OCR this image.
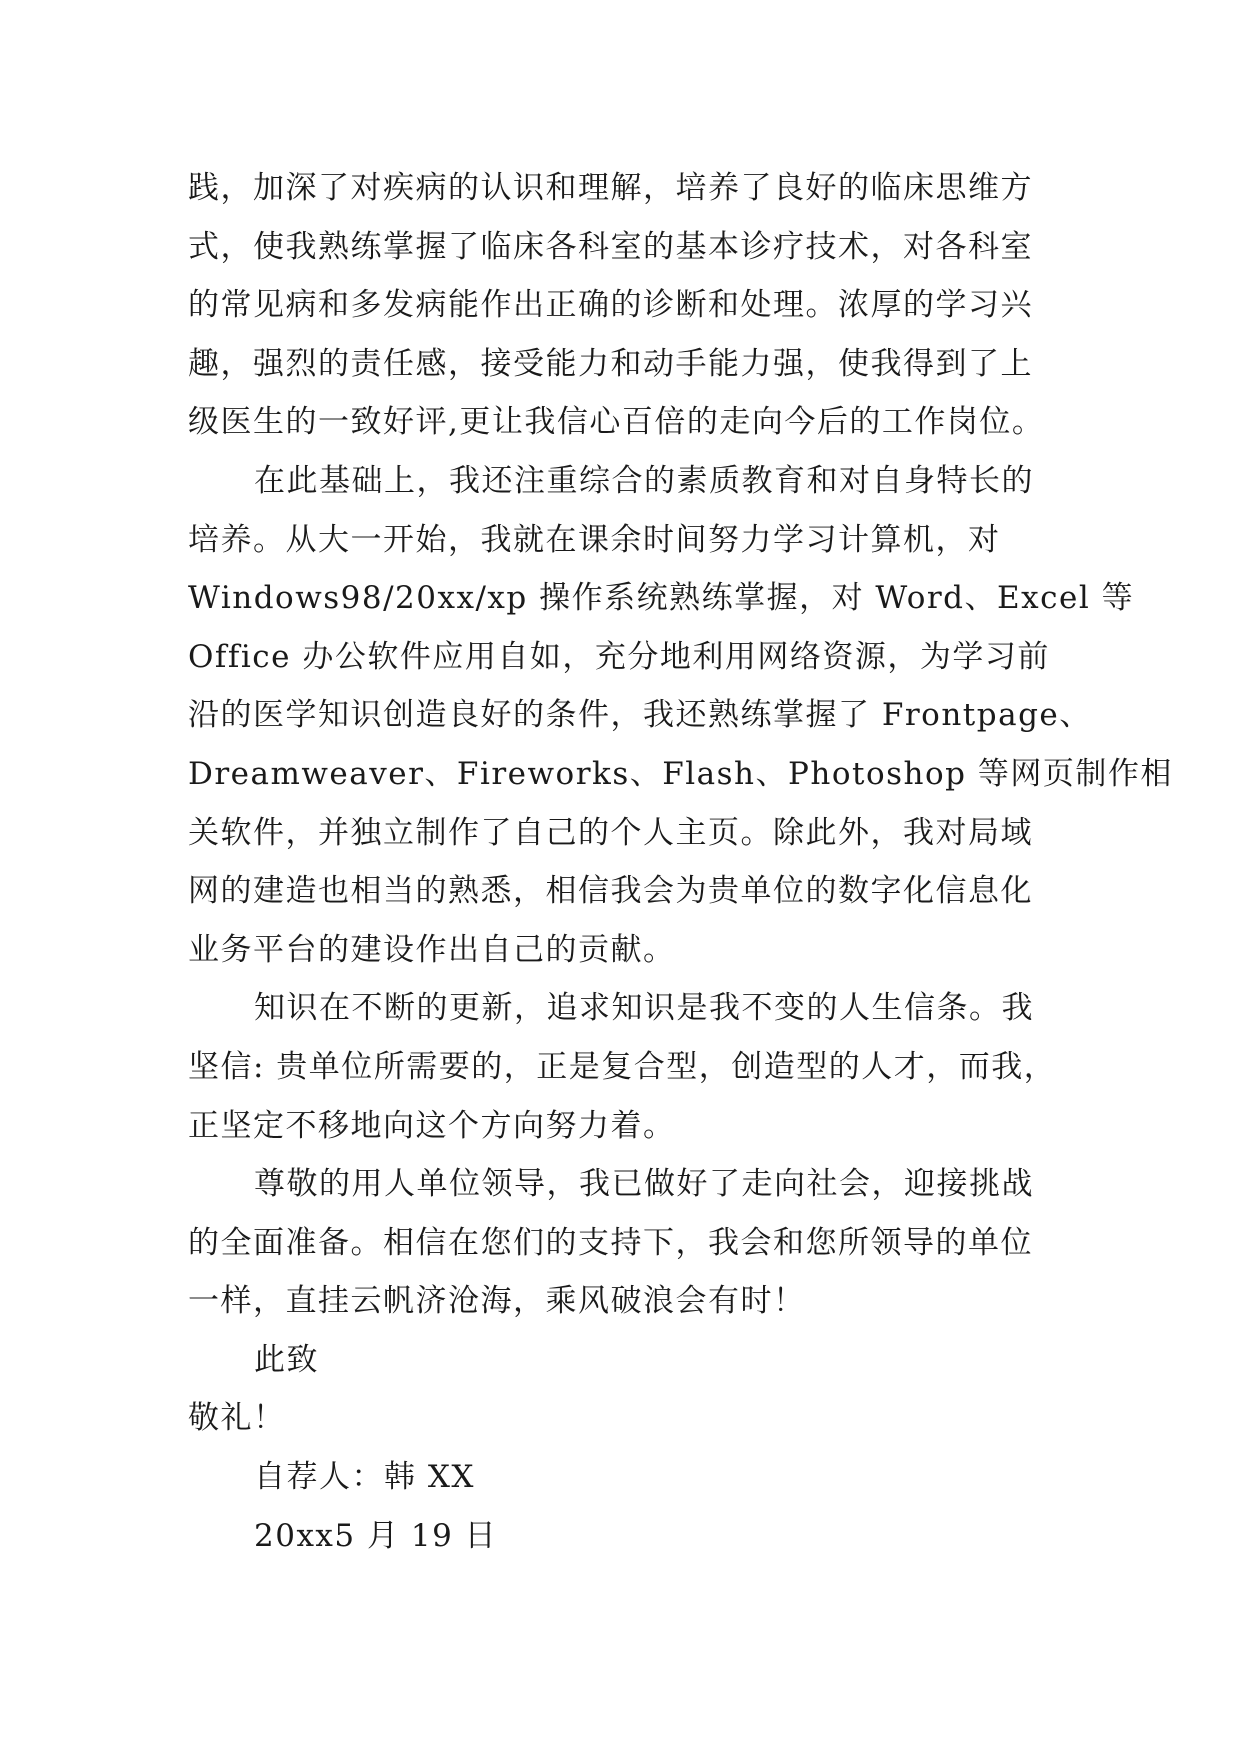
践，加深了对疾病的认识和理解，培养了良好的临床思维方
式，使我熟练掌握了临床各科室的基本诊疗技术，对各科室
的常见病和多发病能作出正确的诊断和处理。浓厚的学习兴
趣，强烈的责任感，接受能力和动手能力强，使我得到了上
级医生的一致好评,更让我信心百倍的走向今后的工作岗位。
在此基础上，我还注重综合的素质教育和对自身特长的
培养。从大一开始，我就在课余时间努力学习计算机，对
Windows98/20xx/xp 操作系统熟练掌握，对 Word、Excel 等
Office 办公软件应用自如，充分地利用网络资源，为学习前
沿的医学知识创造良好的条件，我还熟练掌握了 Frontpage、
Dreamweaver、Fireworks、Flash、Photoshop 等网页制作相
关软件，并独立制作了自己的个人主页。除此外，我对局域
网的建造也相当的熟悉，相信我会为贵单位的数字化信息化
业务平台的建设作出自己的贡献。
知识在不断的更新，追求知识是我不变的人生信条。我
坚信: 贵单位所需要的，正是复合型，创造型的人才，而我，
正坚定不移地向这个方向努力着。
尊敬的用人单位领导，我已做好了走向社会，迎接挑战
的全面准备。相信在您们的支持下，我会和您所领导的单位
一样，直挂云帆济沧海，乘风破浪会有时！
此致
敬礼！
自荐人：韩 XX
20xx5 月 19 日
